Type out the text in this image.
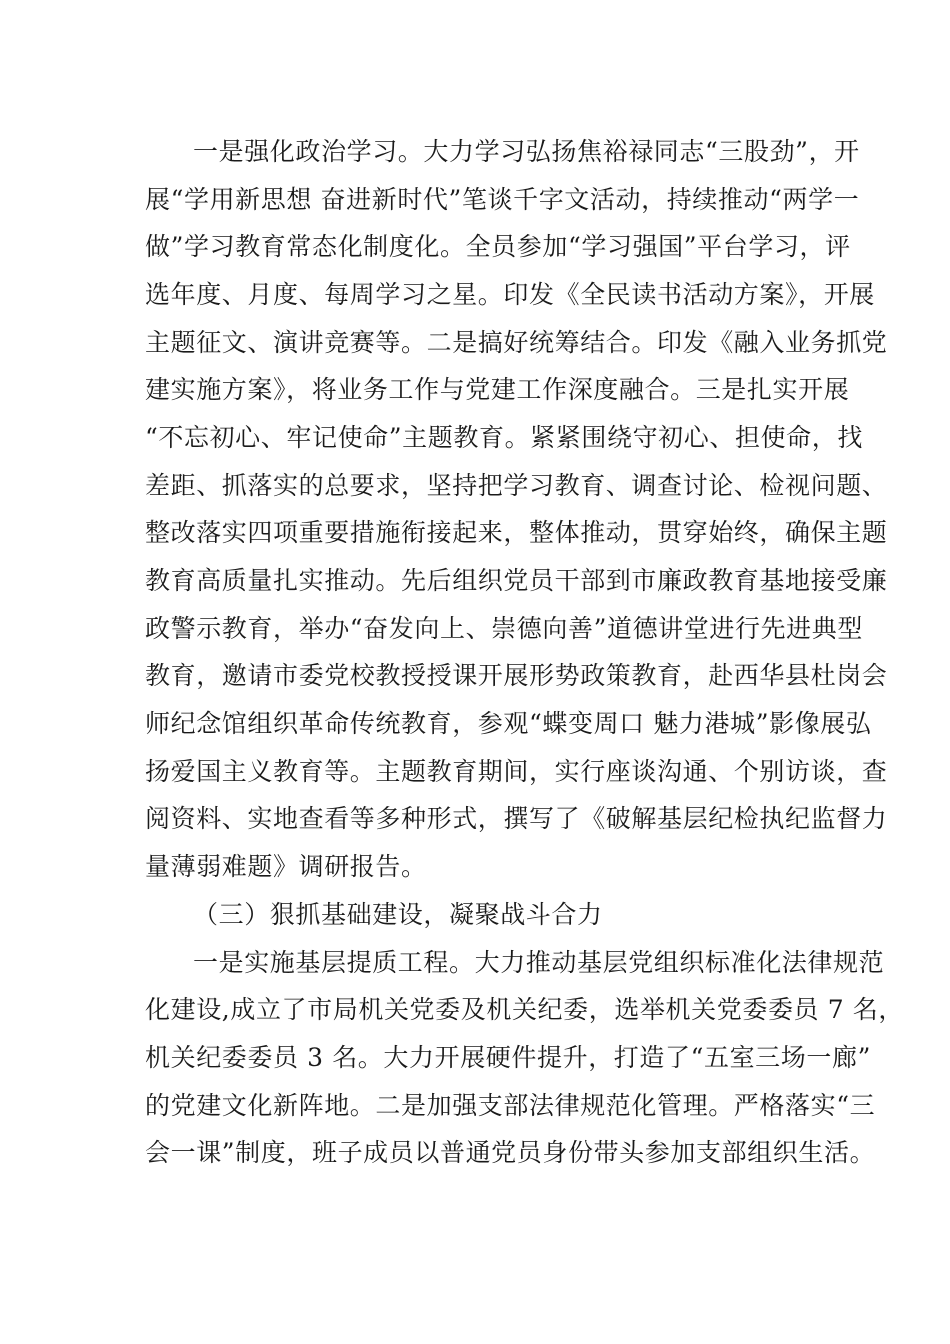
一是强化政治学习。大力学习弘扬焦裕禄同志“三股劲”，开
展“学用新思想 奋进新时代”笔谈千字文活动，持续推动“两学一
做”学习教育常态化制度化。全员参加“学习强国”平台学习，评
选年度、月度、每周学习之星。印发《全民读书活动方案》，开展
主题征文、演讲竞赛等。二是搞好统筹结合。印发《融入业务抓党
建实施方案》，将业务工作与党建工作深度融合。三是扎实开展
“不忘初心、牢记使命”主题教育。紧紧围绕守初心、担使命，找
差距、抓落实的总要求，坚持把学习教育、调查讨论、检视问题、
整改落实四项重要措施衔接起来，整体推动，贯穿始终，确保主题
教育高质量扎实推动。先后组织党员干部到市廉政教育基地接受廉
政警示教育，举办“奋发向上、崇德向善”道德讲堂进行先进典型
教育，邀请市委党校教授授课开展形势政策教育，赴西华县杜岗会
师纪念馆组织革命传统教育，参观“蝶变周口 魅力港城”影像展弘
扬爱国主义教育等。主题教育期间，实行座谈沟通、个别访谈，查
阅资料、实地查看等多种形式，撰写了《破解基层纪检执纪监督力
量薄弱难题》调研报告。
（三）狠抓基础建设，凝聚战斗合力
一是实施基层提质工程。大力推动基层党组织标准化法律规范
化建设,成立了市局机关党委及机关纪委，选举机关党委委员 7 名，
机关纪委委员 3 名。大力开展硬件提升，打造了“五室三场一廊”
的党建文化新阵地。二是加强支部法律规范化管理。严格落实“三
会一课”制度，班子成员以普通党员身份带头参加支部组织生活。
